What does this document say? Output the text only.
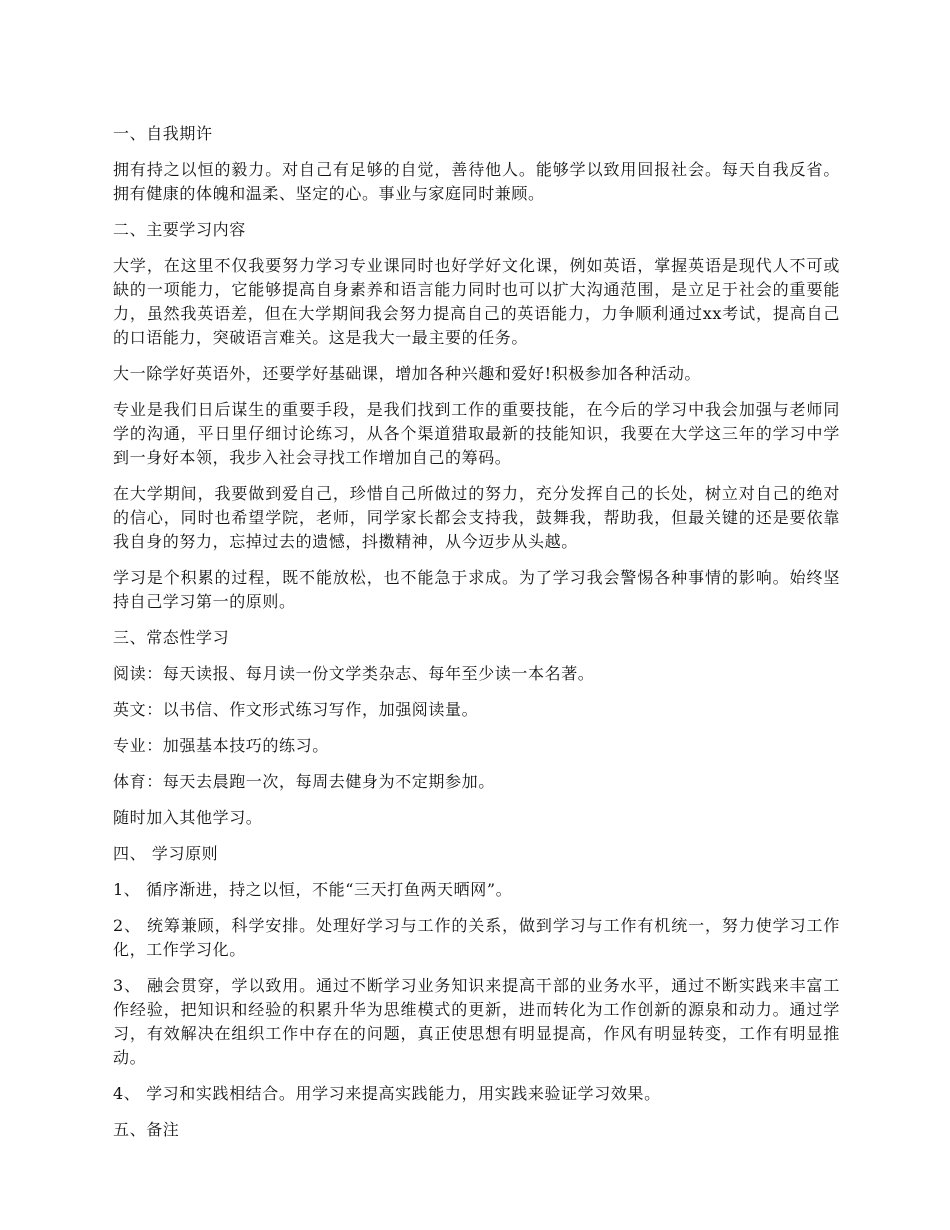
一、自我期许

拥有持之以恒的毅力。对自己有足够的自觉，善待他人。能够学以致用回报社会。每天自我反省。拥有健康的体魄和温柔、坚定的心。事业与家庭同时兼顾。

二、主要学习内容

大学，在这里不仅我要努力学习专业课同时也好学好文化课，例如英语，掌握英语是现代人不可或缺的一项能力，它能够提高自身素养和语言能力同时也可以扩大沟通范围，是立足于社会的重要能力，虽然我英语差，但在大学期间我会努力提高自己的英语能力，力争顺利通过xx考试，提高自己的口语能力，突破语言难关。这是我大一最主要的任务。

大一除学好英语外，还要学好基础课，增加各种兴趣和爱好!积极参加各种活动。

专业是我们日后谋生的重要手段，是我们找到工作的重要技能，在今后的学习中我会加强与老师同学的沟通，平日里仔细讨论练习，从各个渠道猎取最新的技能知识，我要在大学这三年的学习中学到一身好本领，我步入社会寻找工作增加自己的筹码。

在大学期间，我要做到爱自己，珍惜自己所做过的努力，充分发挥自己的长处，树立对自己的绝对的信心，同时也希望学院，老师，同学家长都会支持我，鼓舞我，帮助我，但最关键的还是要依靠我自身的努力，忘掉过去的遗憾，抖擞精神，从今迈步从头越。

学习是个积累的过程，既不能放松，也不能急于求成。为了学习我会警惕各种事情的影响。始终坚持自己学习第一的原则。

三、常态性学习

阅读：每天读报、每月读一份文学类杂志、每年至少读一本名著。

英文：以书信、作文形式练习写作，加强阅读量。

专业：加强基本技巧的练习。

体育：每天去晨跑一次，每周去健身为不定期参加。

随时加入其他学习。

四、 学习原则

1、 循序渐进，持之以恒，不能“三天打鱼两天晒网”。

2、 统筹兼顾，科学安排。处理好学习与工作的关系，做到学习与工作有机统一，努力使学习工作化，工作学习化。

3、 融会贯穿，学以致用。通过不断学习业务知识来提高干部的业务水平，通过不断实践来丰富工作经验，把知识和经验的积累升华为思维模式的更新，进而转化为工作创新的源泉和动力。通过学习，有效解决在组织工作中存在的问题，真正使思想有明显提高，作风有明显转变，工作有明显推动。

4、 学习和实践相结合。用学习来提高实践能力，用实践来验证学习效果。

五、备注
